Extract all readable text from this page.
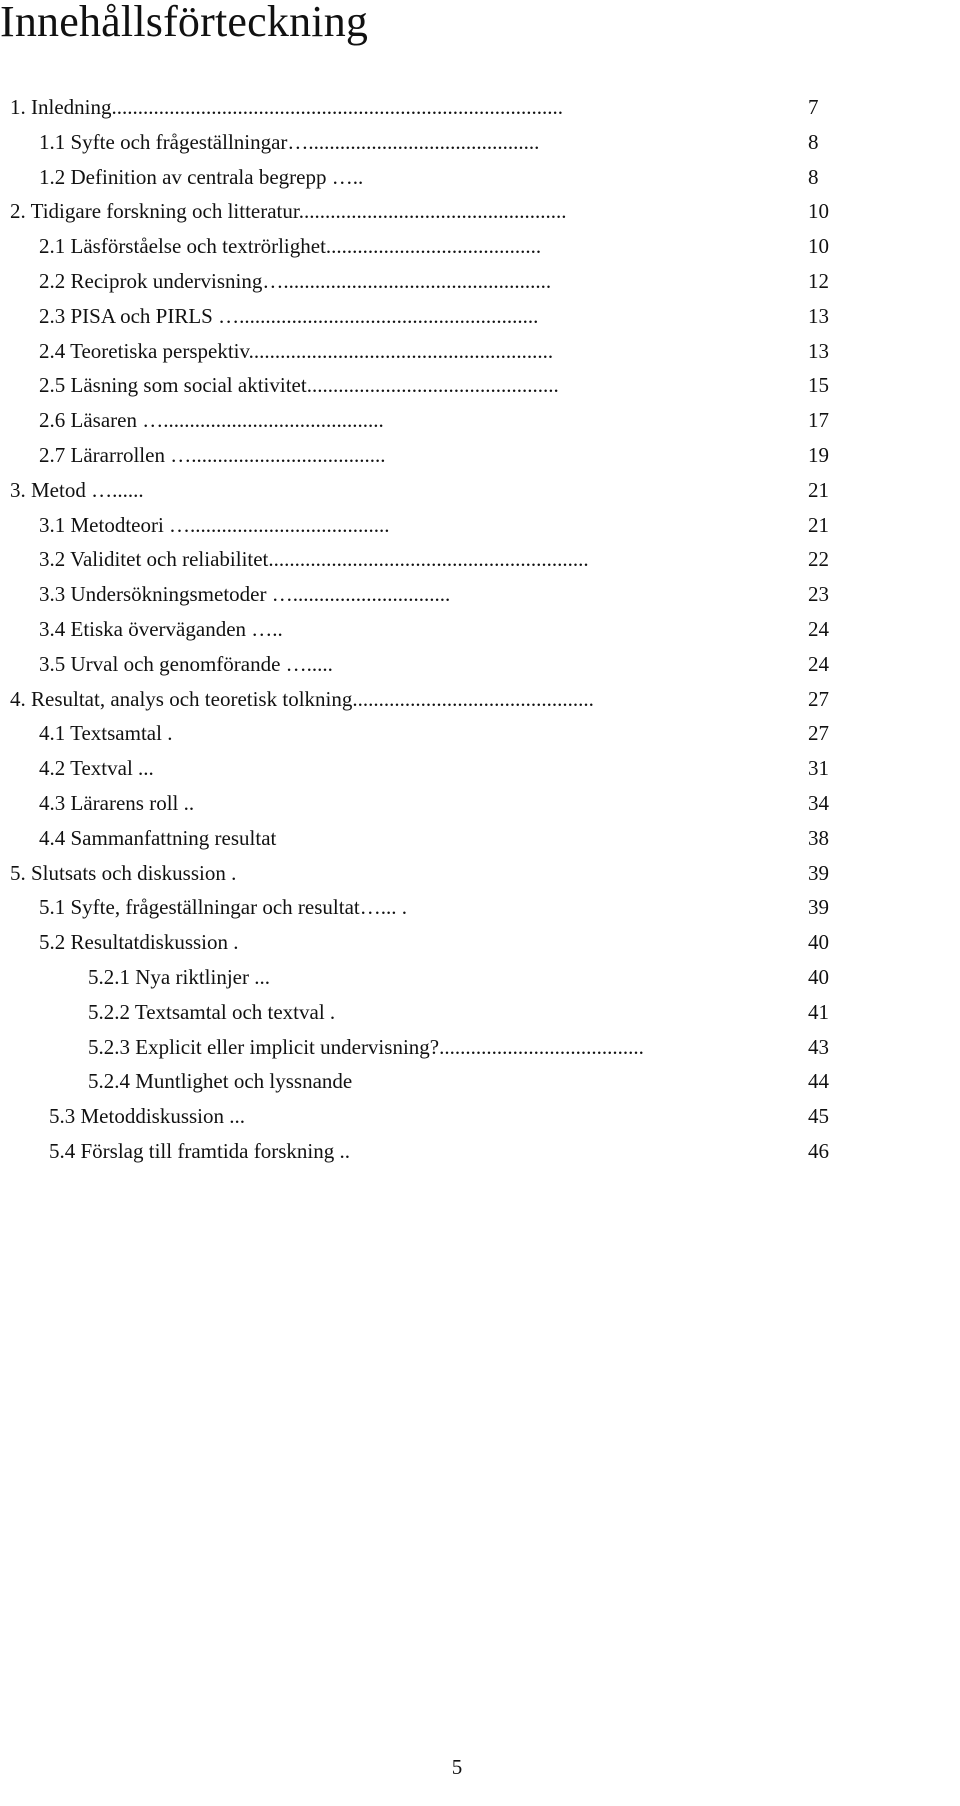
Innehållsförteckning
1. Inledning......................................................................................	7
1.1 Syfte och frågeställningar…............................................	8
1.2 Definition av centrala begrepp …..	8
2. Tidigare forskning och litteratur...................................................	10
2.1 Läsförståelse och textrörlighet.........................................	10
2.2 Reciprok undervisning…...................................................	12
2.3 PISA och PIRLS ….........................................................	13
2.4 Teoretiska perspektiv..........................................................	13
2.5 Läsning som social aktivitet................................................	15
2.6 Läsaren …..........................................	17
2.7 Lärarrollen ….....................................	19
3. Metod …......	21
3.1 Metodteori …......................................	21
3.2 Validitet och reliabilitet.............................................................	22
3.3 Undersökningsmetoder …..............................	23
3.4 Etiska överväganden …..	24
3.5 Urval och genomförande ….....	24
4. Resultat, analys och teoretisk tolkning..............................................	27
4.1 Textsamtal .	27
4.2 Textval ...	31
4.3 Lärarens roll ..	34
4.4 Sammanfattning resultat	38
5. Slutsats och diskussion .	39
5.1 Syfte, frågeställningar och resultat…... .	39
5.2 Resultatdiskussion .	40
5.2.1 Nya riktlinjer ...	40
5.2.2 Textsamtal och textval .	41
5.2.3 Explicit eller implicit undervisning?.......................................	43
5.2.4 Muntlighet och lyssnande	44
5.3 Metoddiskussion ...	45
5.4 Förslag till framtida forskning ..	46
5
